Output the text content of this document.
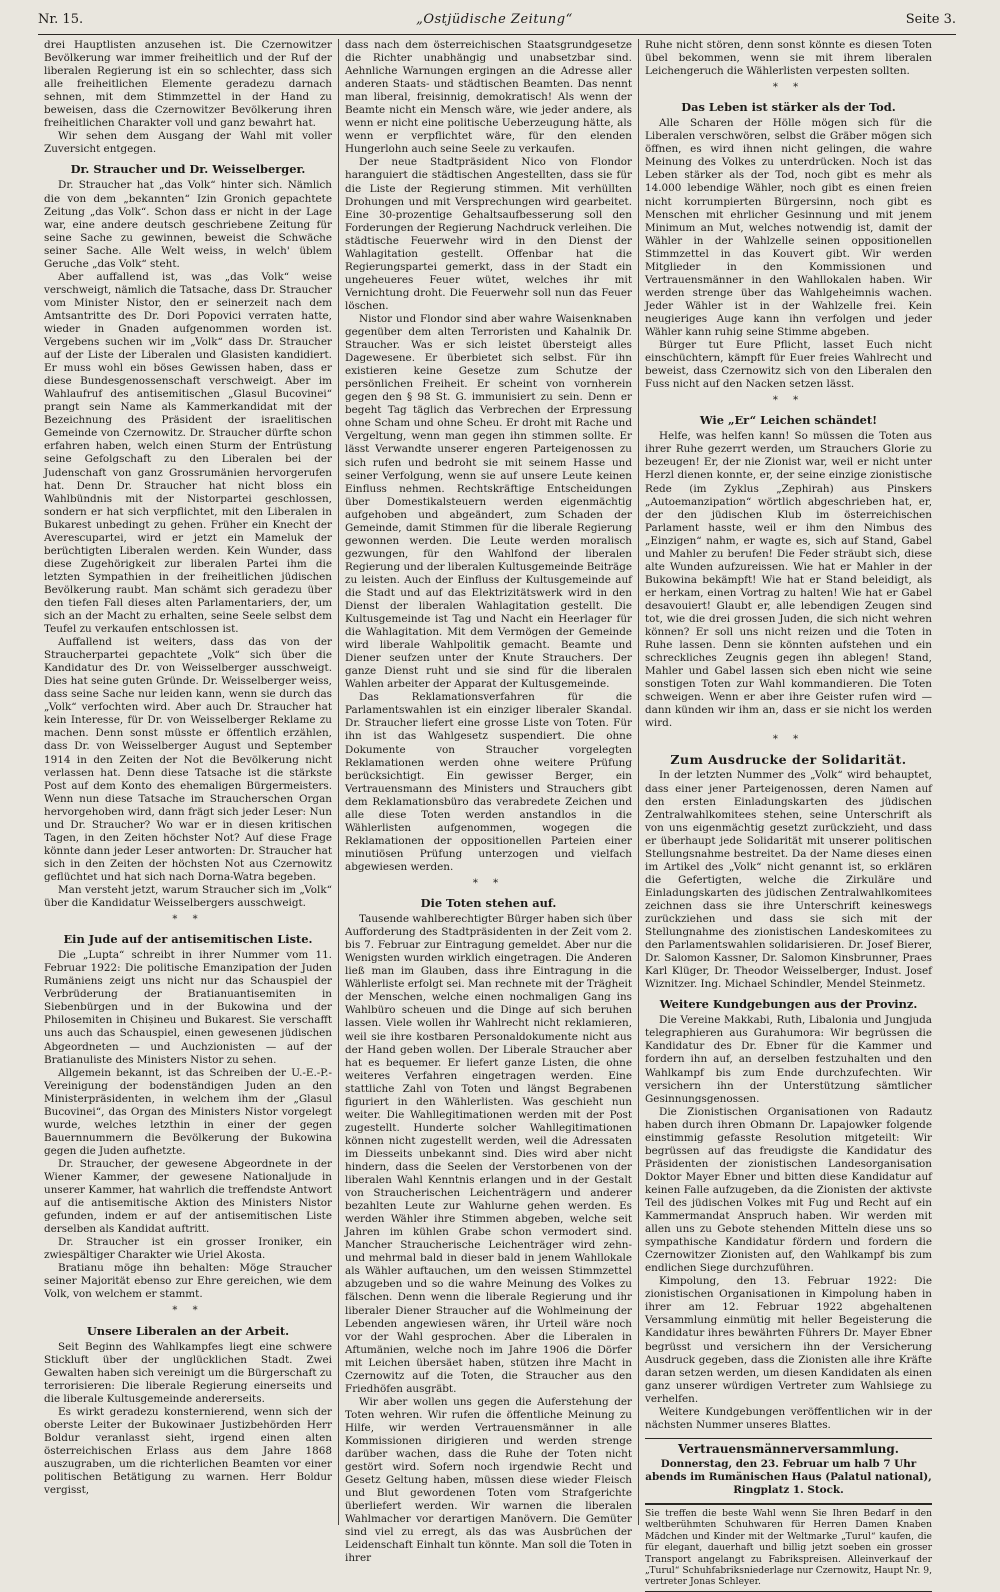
Nr. 15.	„Ostjüdische Zeitung“	Seite 3.

drei Hauptlisten anzusehen ist. Die Czernowitzer Bevölkerung war immer freiheitlich und der Ruf der liberalen Regierung ist ein so schlechter, dass sich alle freiheitlichen Elemente geradezu darnach sehnen, mit dem Stimmzettel in der Hand zu beweisen, dass die Czernowitzer Bevölkerung ihren freiheitlichen Charakter voll und ganz bewahrt hat.

Wir sehen dem Ausgang der Wahl mit voller Zuversicht entgegen.

Dr. Straucher und Dr. Weisselberger.

Dr. Straucher hat „das Volk“ hinter sich. Nämlich die von dem „bekannten“ Izin Gronich gepachtete Zeitung „das Volk“. Schon dass er nicht in der Lage war, eine andere deutsch geschriebene Zeitung für seine Sache zu gewinnen, beweist die Schwäche seiner Sache. Alle Welt weiss, in welch' üblem Geruche „das Volk“ steht.

Aber auffallend ist, was „das Volk“ weise verschweigt, nämlich die Tatsache, dass Dr. Straucher vom Minister Nistor, den er seinerzeit nach dem Amtsantritte des Dr. Dori Popovici verraten hatte, wieder in Gnaden aufgenommen worden ist. Vergebens suchen wir im „Volk“ dass Dr. Straucher auf der Liste der Liberalen und Glasisten kandidiert. Er muss wohl ein böses Gewissen haben, dass er diese Bundesgenossenschaft verschweigt. Aber im Wahlaufruf des antisemitischen „Glasul Bucovinei“ prangt sein Name als Kammerkandidat mit der Bezeichnung des Präsident der israelitischen Gemeinde von Czernowitz. Dr. Straucher dürfte schon erfahren haben, welch einen Sturm der Entrüstung seine Gefolgschaft zu den Liberalen bei der Judenschaft von ganz Grossrumänien hervorgerufen hat. Denn Dr. Straucher hat nicht bloss ein Wahlbündnis mit der Nistorpartei geschlossen, sondern er hat sich verpflichtet, mit den Liberalen in Bukarest unbedingt zu gehen. Früher ein Knecht der Averescupartei, wird er jetzt ein Mameluk der berüchtigten Liberalen werden. Kein Wunder, dass diese Zugehörigkeit zur liberalen Partei ihm die letzten Sympathien in der freiheitlichen jüdischen Bevölkerung raubt. Man schämt sich geradezu über den tiefen Fall dieses alten Parlamentariers, der, um sich an der Macht zu erhalten, seine Seele selbst dem Teufel zu verkaufen entschlossen ist.

Auffallend ist weiters, dass das von der Straucherpartei gepachtete „Volk“ sich über die Kandidatur des Dr. von Weisselberger ausschweigt. Dies hat seine guten Gründe. Dr. Weisselberger weiss, dass seine Sache nur leiden kann, wenn sie durch das „Volk“ verfochten wird. Aber auch Dr. Straucher hat kein Interesse, für Dr. von Weisselberger Reklame zu machen. Denn sonst müsste er öffentlich erzählen, dass Dr. von Weisselberger August und September 1914 in den Zeiten der Not die Bevölkerung nicht verlassen hat. Denn diese Tatsache ist die stärkste Post auf dem Konto des ehemaligen Bürgermeisters. Wenn nun diese Tatsache im Straucherschen Organ hervorgehoben wird, dann frägt sich jeder Leser: Nun und Dr. Straucher? Wo war er in diesen kritischen Tagen, in den Zeiten höchster Not? Auf diese Frage könnte dann jeder Leser antworten: Dr. Straucher hat sich in den Zeiten der höchsten Not aus Czernowitz geflüchtet und hat sich nach Dorna-Watra begeben.

Man versteht jetzt, warum Straucher sich im „Volk“ über die Kandidatur Weisselbergers ausschweigt.

* *
Ein Jude auf der antisemitischen Liste.

Die „Lupta“ schreibt in ihrer Nummer vom 11. Februar 1922: Die politische Emanzipation der Juden Rumäniens zeigt uns nicht nur das Schauspiel der Verbrüderung der Bratianuantisemiten in Siebenbürgen und in der Bukowina und der Philosemiten in Chișineu und Bukarest. Sie verschafft uns auch das Schauspiel, einen gewesenen jüdischen Abgeordneten — und Auchzionisten — auf der Bratianuliste des Ministers Nistor zu sehen.

Allgemein bekannt, ist das Schreiben der U.-E.-P.-Vereinigung der bodenständigen Juden an den Ministerpräsidenten, in welchem ihm der „Glasul Bucovinei“, das Organ des Ministers Nistor vorgelegt wurde, welches letzthin in einer der gegen Bauernnummern die Bevölkerung der Bukowina gegen die Juden aufhetzte.

Dr. Straucher, der gewesene Abgeordnete in der Wiener Kammer, der gewesene Nationaljude in unserer Kammer, hat wahrlich die treffendste Antwort auf die antisemitische Aktion des Ministers Nistor gefunden, indem er auf der antisemitischen Liste derselben als Kandidat auftritt.

Dr. Straucher ist ein grosser Ironiker, ein zwiespältiger Charakter wie Uriel Akosta.

Bratianu möge ihn behalten: Möge Straucher seiner Majorität ebenso zur Ehre gereichen, wie dem Volk, von welchem er stammt.

* *
Unsere Liberalen an der Arbeit.

Seit Beginn des Wahlkampfes liegt eine schwere Stickluft über der unglücklichen Stadt. Zwei Gewalten haben sich vereinigt um die Bürgerschaft zu terrorisieren: Die liberale Regierung einerseits und die liberale Kultusgemeinde andererseits.

Es wirkt geradezu konsternierend, wenn sich der oberste Leiter der Bukowinaer Justizbehörden Herr Boldur veranlasst sieht, irgend einen alten österreichischen Erlass aus dem Jahre 1868 auszugraben, um die richterlichen Beamten vor einer politischen Betätigung zu warnen. Herr Boldur vergisst,

dass nach dem österreichischen Staatsgrundgesetze die Richter unabhängig und unabsetzbar sind. Aehnliche Warnungen ergingen an die Adresse aller anderen Staats- und städtischen Beamten. Das nennt man liberal, freisinnig, demokratisch! Als wenn der Beamte nicht ein Mensch wäre, wie jeder andere, als wenn er nicht eine politische Ueberzeugung hätte, als wenn er verpflichtet wäre, für den elenden Hungerlohn auch seine Seele zu verkaufen.

Der neue Stadtpräsident Nico von Flondor haranguiert die städtischen Angestellten, dass sie für die Liste der Regierung stimmen. Mit verhüllten Drohungen und mit Versprechungen wird gearbeitet. Eine 30-prozentige Gehaltsaufbesserung soll den Forderungen der Regierung Nachdruck verleihen. Die städtische Feuerwehr wird in den Dienst der Wahlagitation gestellt. Offenbar hat die Regierungspartei gemerkt, dass in der Stadt ein ungeheueres Feuer wütet, welches ihr mit Vernichtung droht. Die Feuerwehr soll nun das Feuer löschen.

Nistor und Flondor sind aber wahre Waisenknaben gegenüber dem alten Terroristen und Kahalnik Dr. Straucher. Was er sich leistet übersteigt alles Dagewesene. Er überbietet sich selbst. Für ihn existieren keine Gesetze zum Schutze der persönlichen Freiheit. Er scheint von vornherein gegen den § 98 St. G. immunisiert zu sein. Denn er begeht Tag täglich das Verbrechen der Erpressung ohne Scham und ohne Scheu. Er droht mit Rache und Vergeltung, wenn man gegen ihn stimmen sollte. Er lässt Verwandte unserer engeren Parteigenossen zu sich rufen und bedroht sie mit seinem Hasse und seiner Verfolgung, wenn sie auf unsere Leute keinen Einfluss nehmen. Rechtskräftige Entscheidungen über Domestikalsteuern werden eigenmächtig aufgehoben und abgeändert, zum Schaden der Gemeinde, damit Stimmen für die liberale Regierung gewonnen werden. Die Leute werden moralisch gezwungen, für den Wahlfond der liberalen Regierung und der liberalen Kultusgemeinde Beiträge zu leisten. Auch der Einfluss der Kultusgemeinde auf die Stadt und auf das Elektrizitätswerk wird in den Dienst der liberalen Wahlagitation gestellt. Die Kultusgemeinde ist Tag und Nacht ein Heerlager für die Wahlagitation. Mit dem Vermögen der Gemeinde wird liberale Wahlpolitik gemacht. Beamte und Diener seufzen unter der Knute Strauchers. Der ganze Dienst ruht und sie sind für die liberalen Wahlen arbeiter der Apparat der Kultusgemeinde.

Das Reklamationsverfahren für die Parlamentswahlen ist ein einziger liberaler Skandal. Dr. Straucher liefert eine grosse Liste von Toten. Für ihn ist das Wahlgesetz suspendiert. Die ohne Dokumente von Straucher vorgelegten Reklamationen werden ohne weitere Prüfung berücksichtigt. Ein gewisser Berger, ein Vertrauensmann des Ministers und Strauchers gibt dem Reklamationsbüro das verabredete Zeichen und alle diese Toten werden anstandlos in die Wählerlisten aufgenommen, wogegen die Reklamationen der oppositionellen Parteien einer minutiösen Prüfung unterzogen und vielfach abgewiesen werden.

* *
Die Toten stehen auf.

Tausende wahlberechtigter Bürger haben sich über Aufforderung des Stadtpräsidenten in der Zeit vom 2. bis 7. Februar zur Eintragung gemeldet. Aber nur die Wenigsten wurden wirklich eingetragen. Die Anderen ließ man im Glauben, dass ihre Eintragung in die Wählerliste erfolgt sei. Man rechnete mit der Trägheit der Menschen, welche einen nochmaligen Gang ins Wahlbüro scheuen und die Dinge auf sich beruhen lassen. Viele wollen ihr Wahlrecht nicht reklamieren, weil sie ihre kostbaren Personaldokumente nicht aus der Hand geben wollen. Der Liberale Straucher aber hat es bequemer. Er liefert ganze Listen, die ohne weiteres Verfahren eingetragen werden. Eine stattliche Zahl von Toten und längst Begrabenen figuriert in den Wählerlisten. Was geschieht nun weiter. Die Wahllegitimationen werden mit der Post zugestellt. Hunderte solcher Wahllegitimationen können nicht zugestellt werden, weil die Adressaten im Diesseits unbekannt sind. Dies wird aber nicht hindern, dass die Seelen der Verstorbenen von der liberalen Wahl Kenntnis erlangen und in der Gestalt von Straucherischen Leichenträgern und anderer bezahlten Leute zur Wahlurne gehen werden. Es werden Wähler ihre Stimmen abgeben, welche seit Jahren im kühlen Grabe schon vermodert sind. Mancher Straucherische Leichenträger wird zehn- und mehrmal bald in dieser bald in jenem Wahllokale als Wähler auftauchen, um den weissen Stimmzettel abzugeben und so die wahre Meinung des Volkes zu fälschen. Denn wenn die liberale Regierung und ihr liberaler Diener Straucher auf die Wohlmeinung der Lebenden angewiesen wären, ihr Urteil wäre noch vor der Wahl gesprochen. Aber die Liberalen in Aftumänien, welche noch im Jahre 1906 die Dörfer mit Leichen übersäet haben, stützen ihre Macht in Czernowitz auf die Toten, die Straucher aus den Friedhöfen ausgräbt.

Wir aber wollen uns gegen die Auferstehung der Toten wehren. Wir rufen die öffentliche Meinung zu Hilfe, wir werden Vertrauensmänner in alle Kommissionen dirigieren und werden strenge darüber wachen, dass die Ruhe der Toten nicht gestört wird. Sofern noch irgendwie Recht und Gesetz Geltung haben, müssen diese wieder Fleisch und Blut gewordenen Toten vom Strafgerichte überliefert werden. Wir warnen die liberalen Wahlmacher vor derartigen Manövern. Die Gemüter sind viel zu erregt, als das was Ausbrüchen der Leidenschaft Einhalt tun könnte. Man soll die Toten in ihrer

Ruhe nicht stören, denn sonst könnte es diesen Toten übel bekommen, wenn sie mit ihrem liberalen Leichengeruch die Wählerlisten verpesten sollten.

* *
Das Leben ist stärker als der Tod.

Alle Scharen der Hölle mögen sich für die Liberalen verschwören, selbst die Gräber mögen sich öffnen, es wird ihnen nicht gelingen, die wahre Meinung des Volkes zu unterdrücken. Noch ist das Leben stärker als der Tod, noch gibt es mehr als 14.000 lebendige Wähler, noch gibt es einen freien nicht korrumpierten Bürgersinn, noch gibt es Menschen mit ehrlicher Gesinnung und mit jenem Minimum an Mut, welches notwendig ist, damit der Wähler in der Wahlzelle seinen oppositionellen Stimmzettel in das Kouvert gibt. Wir werden Mitglieder in den Kommissionen und Vertrauensmänner in den Wahllokalen haben. Wir werden strenge über das Wahlgeheimnis wachen. Jeder Wähler ist in der Wahlzelle frei. Kein neugieriges Auge kann ihn verfolgen und jeder Wähler kann ruhig seine Stimme abgeben.

Bürger tut Eure Pflicht, lasset Euch nicht einschüchtern, kämpft für Euer freies Wahlrecht und beweist, dass Czernowitz sich von den Liberalen den Fuss nicht auf den Nacken setzen lässt.

* *
Wie „Er“ Leichen schändet!

Helfe, was helfen kann! So müssen die Toten aus ihrer Ruhe gezerrt werden, um Strauchers Glorie zu bezeugen! Er, der nie Zionist war, weil er nicht unter Herzl dienen konnte, er, der seine einzige zionistische Rede (im Zyklus „Zephirah) aus Pinskers „Autoemanzipation“ wörtlich abgeschrieben hat, er, der den jüdischen Klub im österreichischen Parlament hasste, weil er ihm den Nimbus des „Einzigen“ nahm, er wagte es, sich auf Stand, Gabel und Mahler zu berufen! Die Feder sträubt sich, diese alte Wunden aufzureissen. Wie hat er Mahler in der Bukowina bekämpft! Wie hat er Stand beleidigt, als er herkam, einen Vortrag zu halten! Wie hat er Gabel desavouiert! Glaubt er, alle lebendigen Zeugen sind tot, wie die drei grossen Juden, die sich nicht wehren können? Er soll uns nicht reizen und die Toten in Ruhe lassen. Denn sie könnten aufstehen und ein schreckliches Zeugnis gegen ihn ablegen! Stand, Mahler und Gabel lassen sich eben nicht wie seine sonstigen Toten zur Wahl kommandieren. Die Toten schweigen. Wenn er aber ihre Geister rufen wird — dann künden wir ihm an, dass er sie nicht los werden wird.

* *
Zum Ausdrucke der Solidarität.

In der letzten Nummer des „Volk“ wird behauptet, dass einer jener Parteigenossen, deren Namen auf den ersten Einladungskarten des jüdischen Zentralwahlkomitees stehen, seine Unterschrift als von uns eigenmächtig gesetzt zurückzieht, und dass er überhaupt jede Solidarität mit unserer politischen Stellungsnahme bestreitet. Da der Name dieses einen im Artikel des „Volk“ nicht genannt ist, so erklären die Gefertigten, welche die Zirkuläre und Einladungskarten des jüdischen Zentralwahlkomitees zeichnen dass sie ihre Unterschrift keineswegs zurückziehen und dass sie sich mit der Stellungnahme des zionistischen Landeskomitees zu den Parlamentswahlen solidarisieren. Dr. Josef Bierer, Dr. Salomon Kassner, Dr. Salomon Kinsbrunner, Praes Karl Klüger, Dr. Theodor Weisselberger, Indust. Josef Wiznitzer. Ing. Michael Schindler, Mendel Steinmetz.

Weitere Kundgebungen aus der Provinz.

Die Vereine Makkabi, Ruth, Libalonia und Jungjuda telegraphieren aus Gurahumora: Wir begrüssen die Kandidatur des Dr. Ebner für die Kammer und fordern ihn auf, an derselben festzuhalten und den Wahlkampf bis zum Ende durchzufechten. Wir versichern ihn der Unterstützung sämtlicher Gesinnungsgenossen.

Die Zionistischen Organisationen von Radautz haben durch ihren Obmann Dr. Lapajowker folgende einstimmig gefasste Resolution mitgeteilt: Wir begrüssen auf das freudigste die Kandidatur des Präsidenten der zionistischen Landesorganisation Doktor Mayer Ebner und bitten diese Kandidatur auf keinen Falle aufzugeben, da die Zionisten der aktivste Teil des jüdischen Volkes mit Fug und Recht auf ein Kammermandat Anspruch haben. Wir werden mit allen uns zu Gebote stehenden Mitteln diese uns so sympathische Kandidatur fördern und fordern die Czernowitzer Zionisten auf, den Wahlkampf bis zum endlichen Siege durchzuführen.

Kimpolung, den 13. Februar 1922: Die zionistischen Organisationen in Kimpolung haben in ihrer am 12. Februar 1922 abgehaltenen Versammlung einmütig mit heller Begeisterung die Kandidatur ihres bewährten Führers Dr. Mayer Ebner begrüsst und versichern ihn der Versicherung Ausdruck gegeben, dass die Zionisten alle ihre Kräfte daran setzen werden, um diesen Kandidaten als einen ganz unserer würdigen Vertreter zum Wahlsiege zu verhelfen.

Weitere Kundgebungen veröffentlichen wir in der nächsten Nummer unseres Blattes.

Vertrauensmännerversammlung.

Donnerstag, den 23. Februar um halb 7 Uhr abends im Rumänischen Haus (Palatul national), Ringplatz 1. Stock.

Sie treffen die beste Wahl wenn Sie Ihren Bedarf in den weltberühmten Schuhwaren für Herren Damen Knaben Mädchen und Kinder mit der Weltmarke „Turul“ kaufen, die für elegant, dauerhaft und billig jetzt soeben ein grosser Transport angelangt zu Fabrikspreisen. Alleinverkauf der „Turul“ Schuhfabriksniederlage nur Czernowitz, Haupt Nr. 9, vertreter Jonas Schleyer.
